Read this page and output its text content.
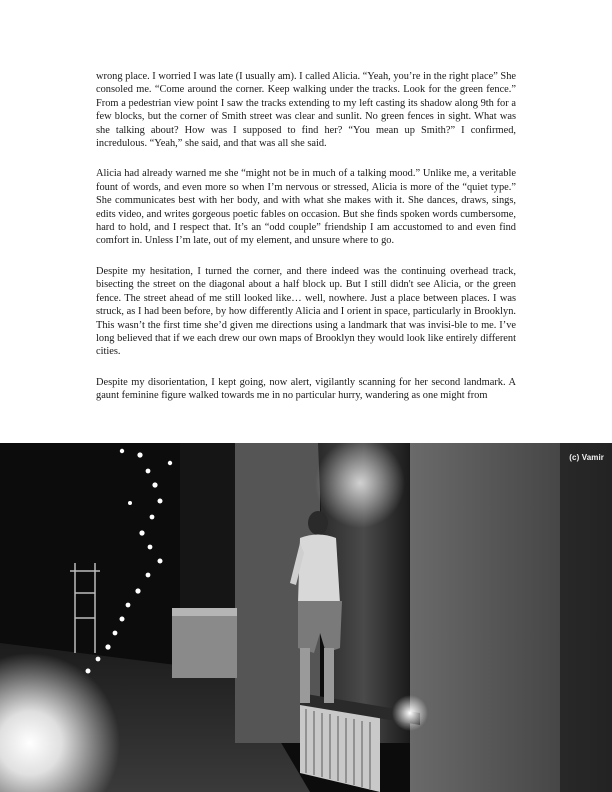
wrong place. I worried I was late (I usually am). I called Alicia. “Yeah, you’re in the right place” She consoled me. “Come around the corner. Keep walking under the tracks. Look for the green fence.” From a pedestrian view point I saw the tracks extending to my left casting its shadow along 9th for a few blocks, but the corner of Smith street was clear and sunlit. No green fences in sight. What was she talking about? How was I supposed to find her? “You mean up Smith?” I confirmed, incredulous. “Yeah,” she said, and that was all she said.

Alicia had already warned me she “might not be in much of a talking mood.” Unlike me, a veritable fount of words, and even more so when I’m nervous or stressed, Alicia is more of the “quiet type.” She communicates best with her body, and with what she makes with it. She dances, draws, sings, edits video, and writes gorgeous poetic fables on occasion. But she finds spoken words cumbersome, hard to hold, and I respect that. It’s an “odd couple” friendship I am accustomed to and even find comfort in. Unless I’m late, out of my element, and unsure where to go.

Despite my hesitation, I turned the corner, and there indeed was the continuing overhead track, bisecting the street on the diagonal about a half block up. But I still didn't see Alicia, or the green fence. The street ahead of me still looked like… well, nowhere. Just a place between places. I was struck, as I had been before, by how differently Alicia and I orient in space, particularly in Brooklyn. This wasn’t the first time she’d given me directions using a landmark that was invisi-ble to me. I’ve long believed that if we each drew our own maps of Brooklyn they would look like entirely different cities.

Despite my disorientation, I kept going, now alert, vigilantly scanning for her second landmark. A gaunt feminine figure walked towards me in no particular hurry, wandering as one might from

(c) Vamir
